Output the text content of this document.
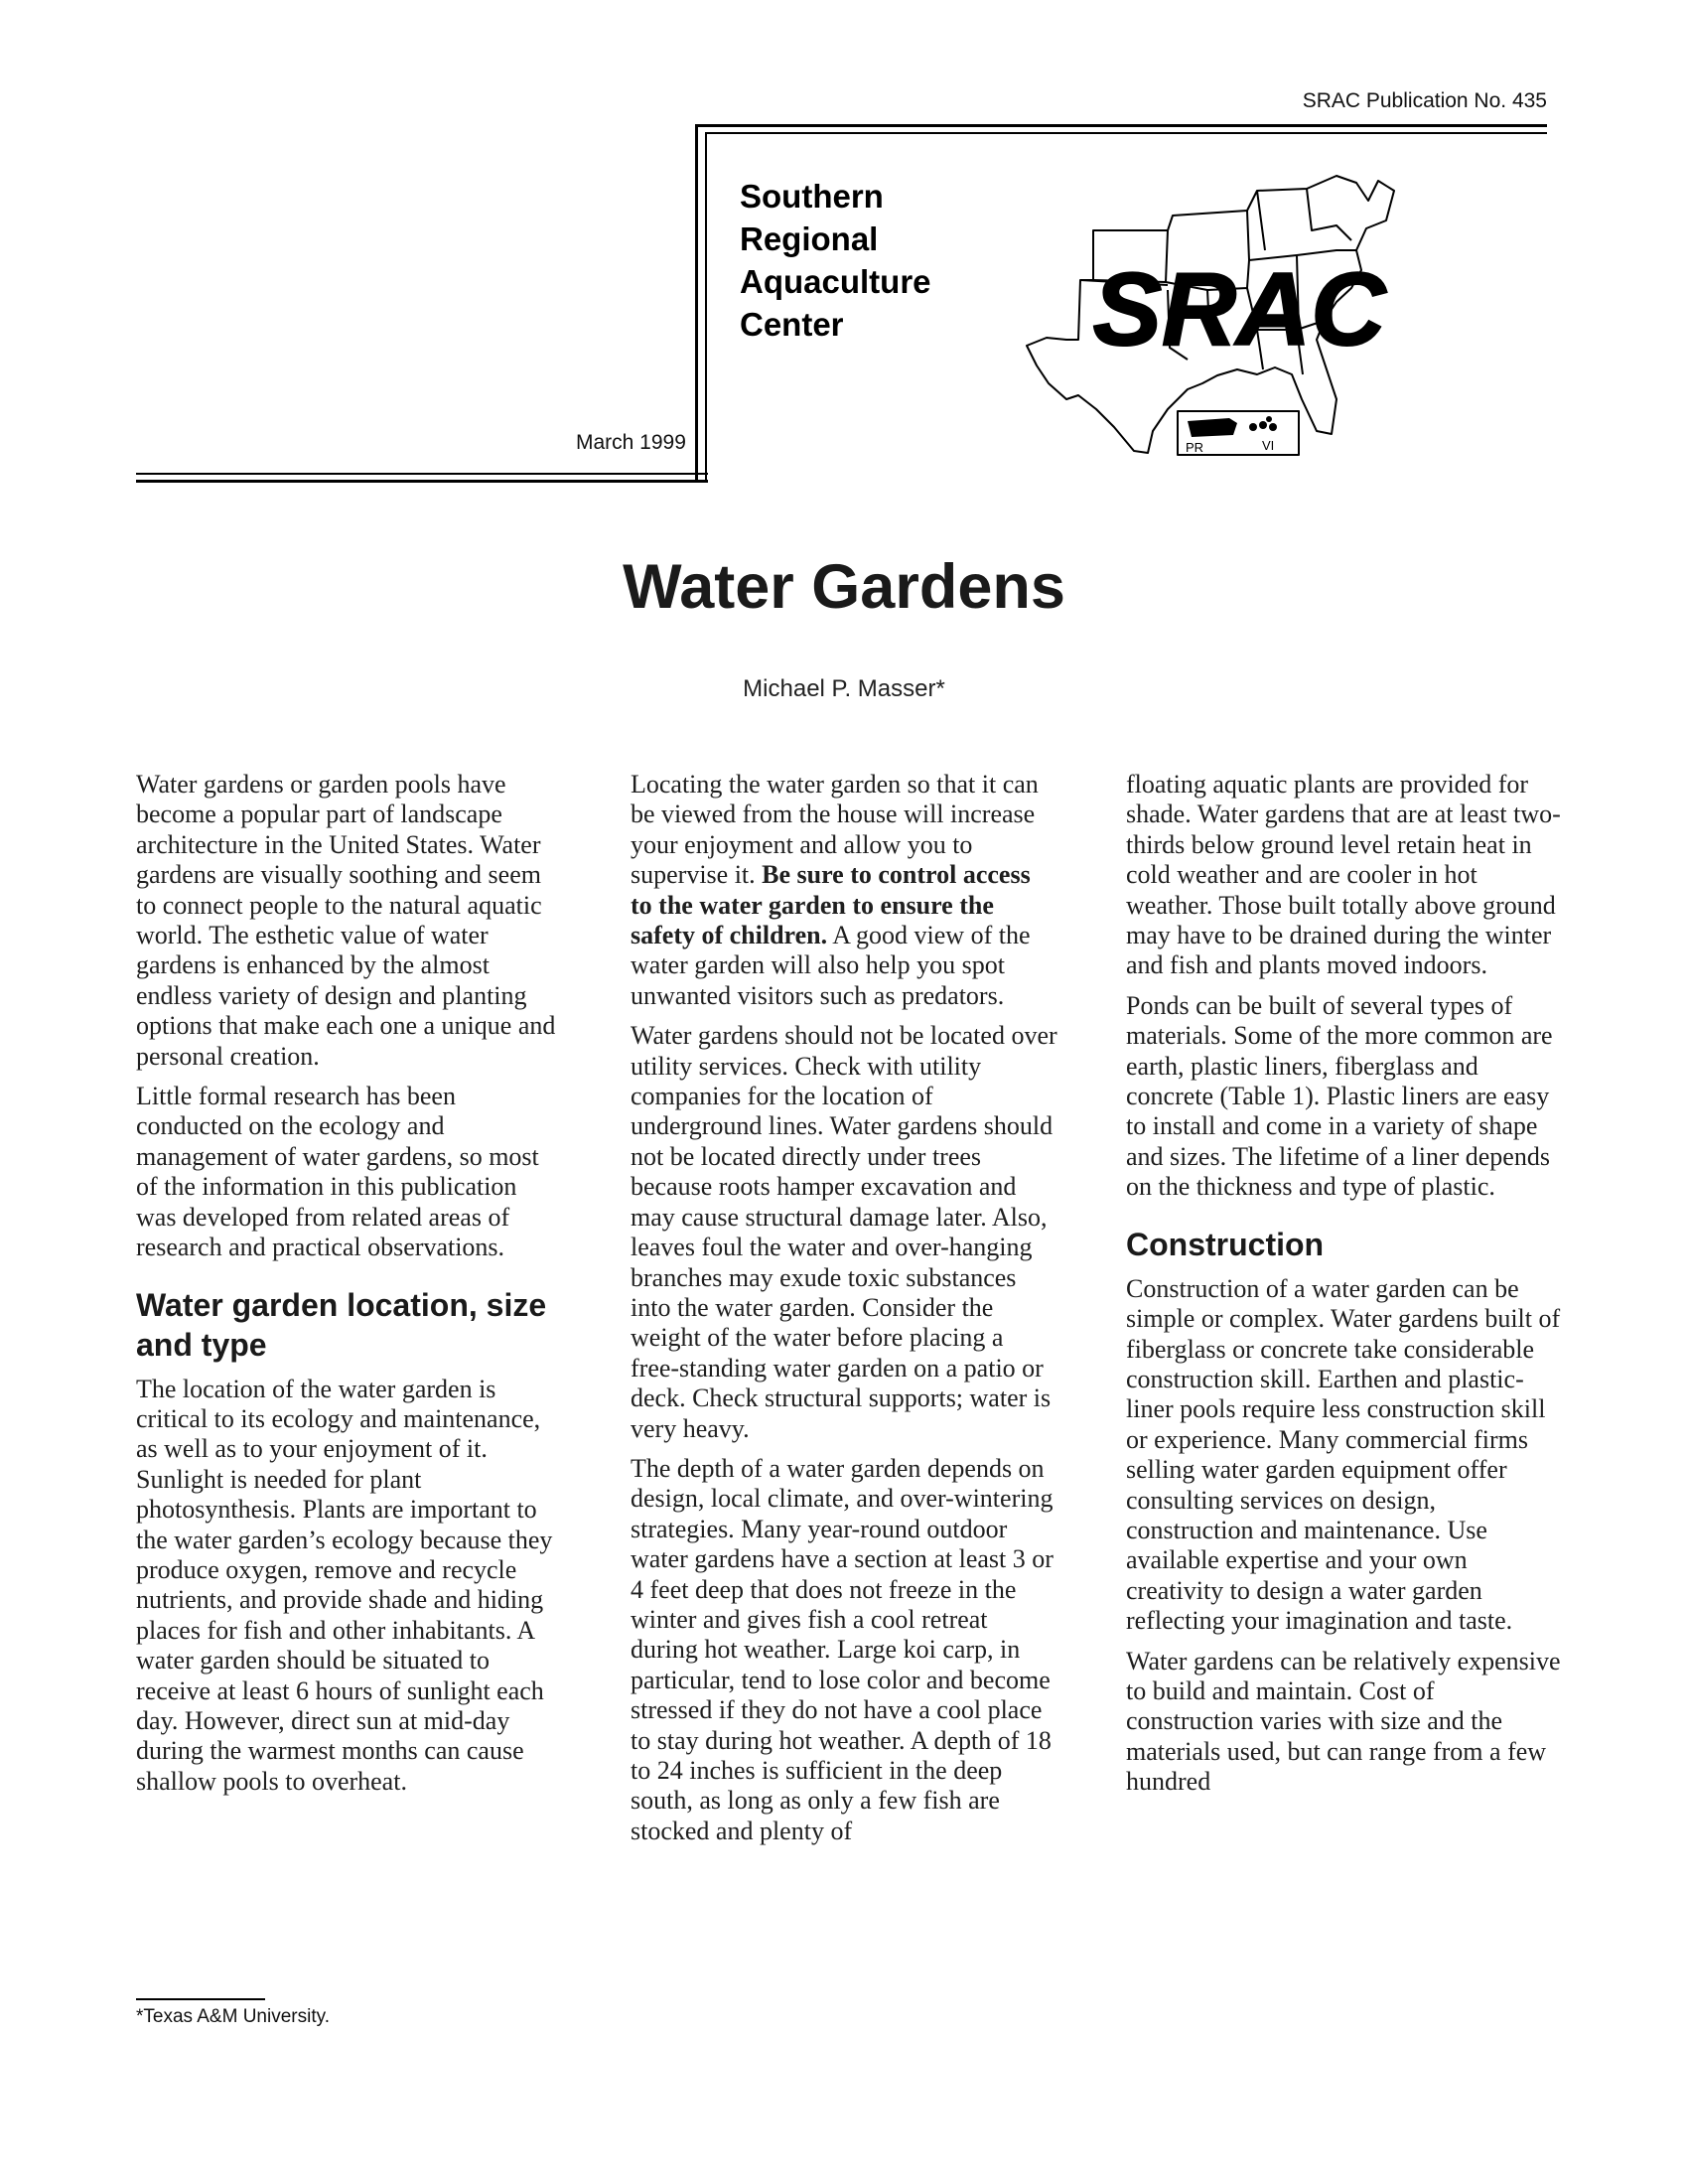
SRAC Publication No. 435
Southern
Regional
Aquaculture
Center
March 1999	PR	VI
SRAC
Water Gardens
Michael P. Masser*

Water gardens or garden pools have become a popular part of landscape architecture in the United States. Water gardens are visually soothing and seem to connect people to the natural aquatic world. The esthetic value of water gardens is enhanced by the almost endless variety of design and planting options that make each one a unique and personal creation.

Little formal research has been conducted on the ecology and management of water gardens, so most of the information in this publication was developed from related areas of research and practical observations.

Water garden location, size and type

The location of the water garden is critical to its ecology and maintenance, as well as to your enjoyment of it. Sunlight is needed for plant photosynthesis. Plants are important to the water garden’s ecology because they produce oxygen, remove and recycle nutrients, and provide shade and hiding places for fish and other inhabitants. A water garden should be situated to receive at least 6 hours of sunlight each day. However, direct sun at mid-day during the warmest months can cause shallow pools to overheat.

Locating the water garden so that it can be viewed from the house will increase your enjoyment and allow you to supervise it. Be sure to control access to the water garden to ensure the safety of children. A good view of the water garden will also help you spot unwanted visitors such as predators.

Water gardens should not be located over utility services. Check with utility companies for the location of underground lines. Water gardens should not be located directly under trees because roots hamper excavation and may cause structural damage later. Also, leaves foul the water and over-hanging branches may exude toxic substances into the water garden. Consider the weight of the water before placing a free-standing water garden on a patio or deck. Check structural supports; water is very heavy.

The depth of a water garden depends on design, local climate, and over-wintering strategies. Many year-round outdoor water gardens have a section at least 3 or 4 feet deep that does not freeze in the winter and gives fish a cool retreat during hot weather. Large koi carp, in particular, tend to lose color and become stressed if they do not have a cool place to stay during hot weather. A depth of 18 to 24 inches is sufficient in the deep south, as long as only a few fish are stocked and plenty of

floating aquatic plants are provided for shade. Water gardens that are at least two-thirds below ground level retain heat in cold weather and are cooler in hot weather. Those built totally above ground may have to be drained during the winter and fish and plants moved indoors.

Ponds can be built of several types of materials. Some of the more common are earth, plastic liners, fiberglass and concrete (Table 1). Plastic liners are easy to install and come in a variety of shape and sizes. The lifetime of a liner depends on the thickness and type of plastic.

Construction

Construction of a water garden can be simple or complex. Water gardens built of fiberglass or concrete take considerable construction skill. Earthen and plastic-liner pools require less construction skill or experience. Many commercial firms selling water garden equipment offer consulting services on design, construction and maintenance. Use available expertise and your own creativity to design a water garden reflecting your imagination and taste.

Water gardens can be relatively expensive to build and maintain. Cost of construction varies with size and the materials used, but can range from a few hundred

*Texas A&M University.
